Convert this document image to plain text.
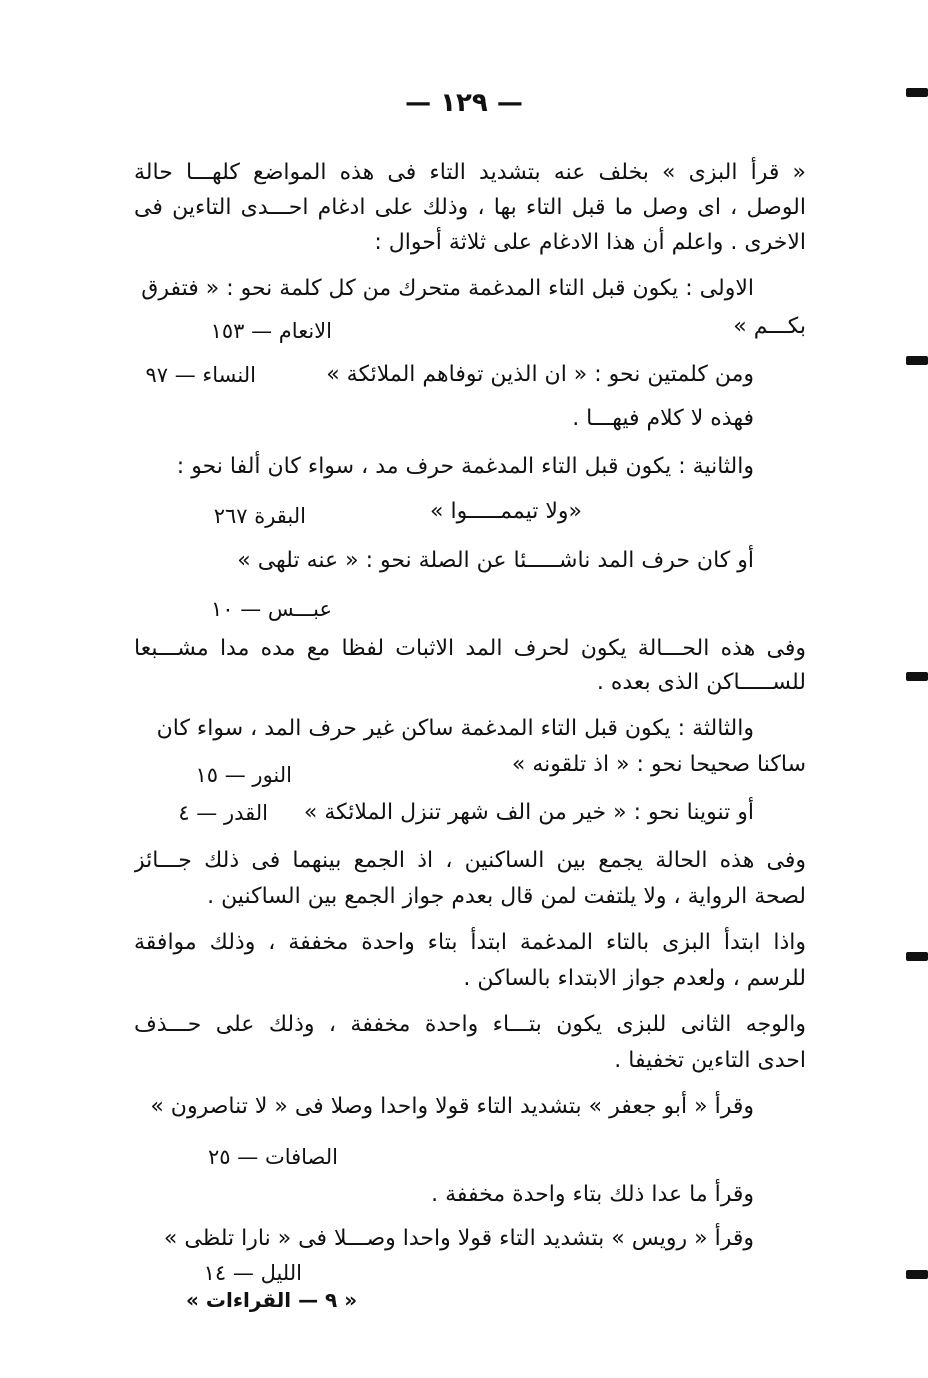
— ١٢٩ —
« قرأ البزى » بخلف عنه بتشديد التاء فى هذه المواضع كلهـــا حالة
الوصل ، اى وصل ما قبل التاء بها ، وذلك على ادغام احـــدى التاءين فى
الاخرى . واعلم أن هذا الادغام على ثلاثة أحوال :
الاولى : يكون قبل التاء المدغمة متحرك من كل كلمة نحو : « فتفرق
بكـــم »
الانعام — ١٥٣
ومن كلمتين نحو : « ان الذين توفاهم الملائكة »
النساء — ٩٧
فهذه لا كلام فيهـــا .
والثانية : يكون قبل التاء المدغمة حرف مد ، سواء كان ألفا نحو :
«ولا تيممـــــوا »
البقرة ٢٦٧
أو كان حرف المد ناشـــــئا عن الصلة نحو : « عنه تلهى »
عبـــس — ١٠
وفى هذه الحـــالة يكون لحرف المد الاثبات لفظا مع مده مدا مشـــبعا
للســـــاكن الذى بعده .
والثالثة : يكون قبل التاء المدغمة ساكن غير حرف المد ، سواء كان
ساكنا صحيحا نحو : « اذ تلقونه »
النور — ١٥
أو تنوينا نحو : « خير من الف شهر تنزل الملائكة »
القدر — ٤
وفى هذه الحالة يجمع بين الساكنين ، اذ الجمع بينهما فى ذلك جـــائز
لصحة الرواية ، ولا يلتفت لمن قال بعدم جواز الجمع بين الساكنين .
واذا ابتدأ البزى بالتاء المدغمة ابتدأ بتاء واحدة مخففة ، وذلك موافقة
للرسم ، ولعدم جواز الابتداء بالساكن .
والوجه الثانى للبزى يكون بتـــاء واحدة مخففة ، وذلك على حـــذف
احدى التاءين تخفيفا .
وقرأ « أبو جعفر » بتشديد التاء قولا واحدا وصلا فى « لا تناصرون »
الصافات — ٢٥
وقرأ ما عدا ذلك بتاء واحدة مخففة .
وقرأ « رويس » بتشديد التاء قولا واحدا وصـــلا فى « نارا تلظى »
الليل — ١٤
« ٩ — القراءات »
